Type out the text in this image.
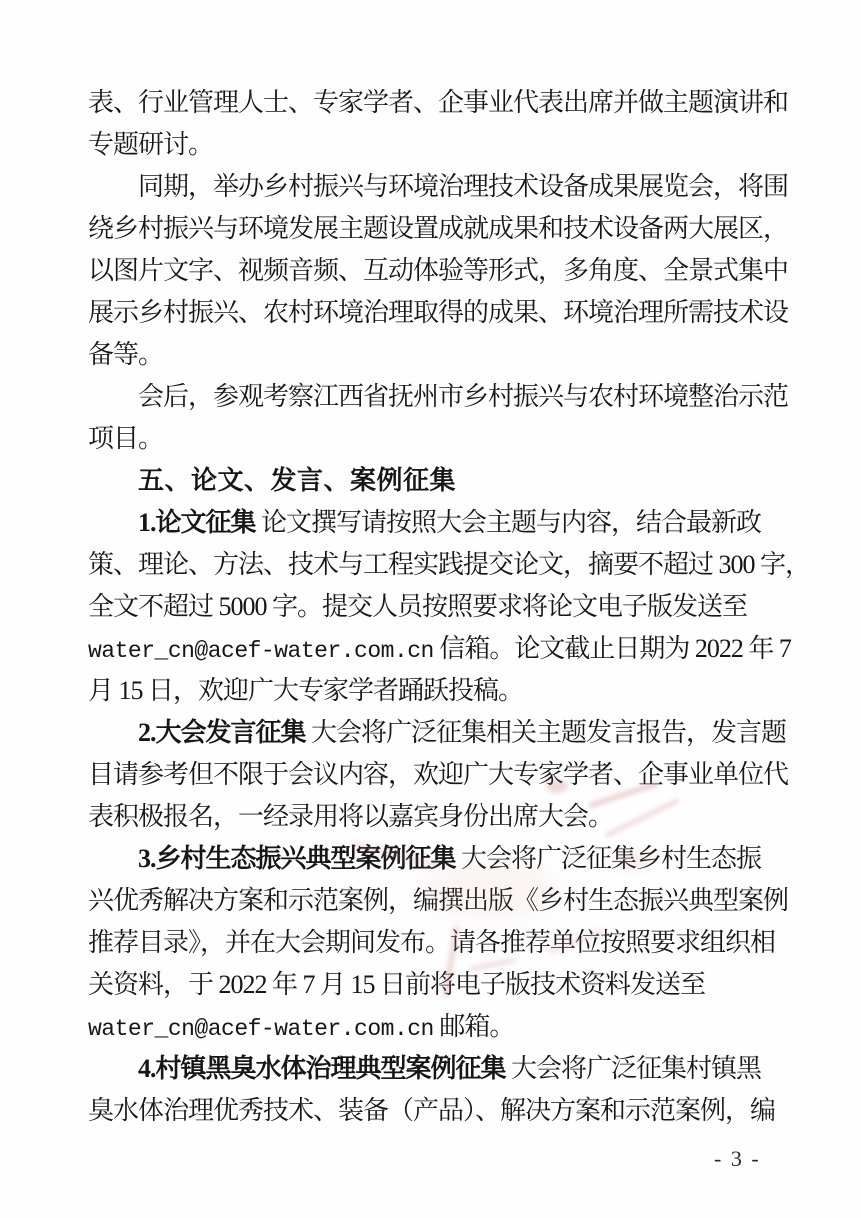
表、行业管理人士、专家学者、企事业代表出席并做主题演讲和
专题研讨。
同期，举办乡村振兴与环境治理技术设备成果展览会，将围
绕乡村振兴与环境发展主题设置成就成果和技术设备两大展区，
以图片文字、视频音频、互动体验等形式，多角度、全景式集中
展示乡村振兴、农村环境治理取得的成果、环境治理所需技术设
备等。
会后，参观考察江西省抚州市乡村振兴与农村环境整治示范
项目。
五、论文、发言、案例征集
1.论文征集 论文撰写请按照大会主题与内容，结合最新政
策、理论、方法、技术与工程实践提交论文，摘要不超过 300 字，
全文不超过 5000 字。提交人员按照要求将论文电子版发送至
water_cn@acef-water.com.cn 信箱。论文截止日期为 2022 年 7
月 15 日，欢迎广大专家学者踊跃投稿。
2.大会发言征集 大会将广泛征集相关主题发言报告，发言题
目请参考但不限于会议内容，欢迎广大专家学者、企事业单位代
表积极报名，一经录用将以嘉宾身份出席大会。
3.乡村生态振兴典型案例征集 大会将广泛征集乡村生态振
兴优秀解决方案和示范案例，编撰出版《乡村生态振兴典型案例
推荐目录》，并在大会期间发布。请各推荐单位按照要求组织相
关资料，于 2022 年 7 月 15 日前将电子版技术资料发送至
water_cn@acef-water.com.cn 邮箱。
4.村镇黑臭水体治理典型案例征集 大会将广泛征集村镇黑
臭水体治理优秀技术、装备（产品）、解决方案和示范案例，编
- 3 -
